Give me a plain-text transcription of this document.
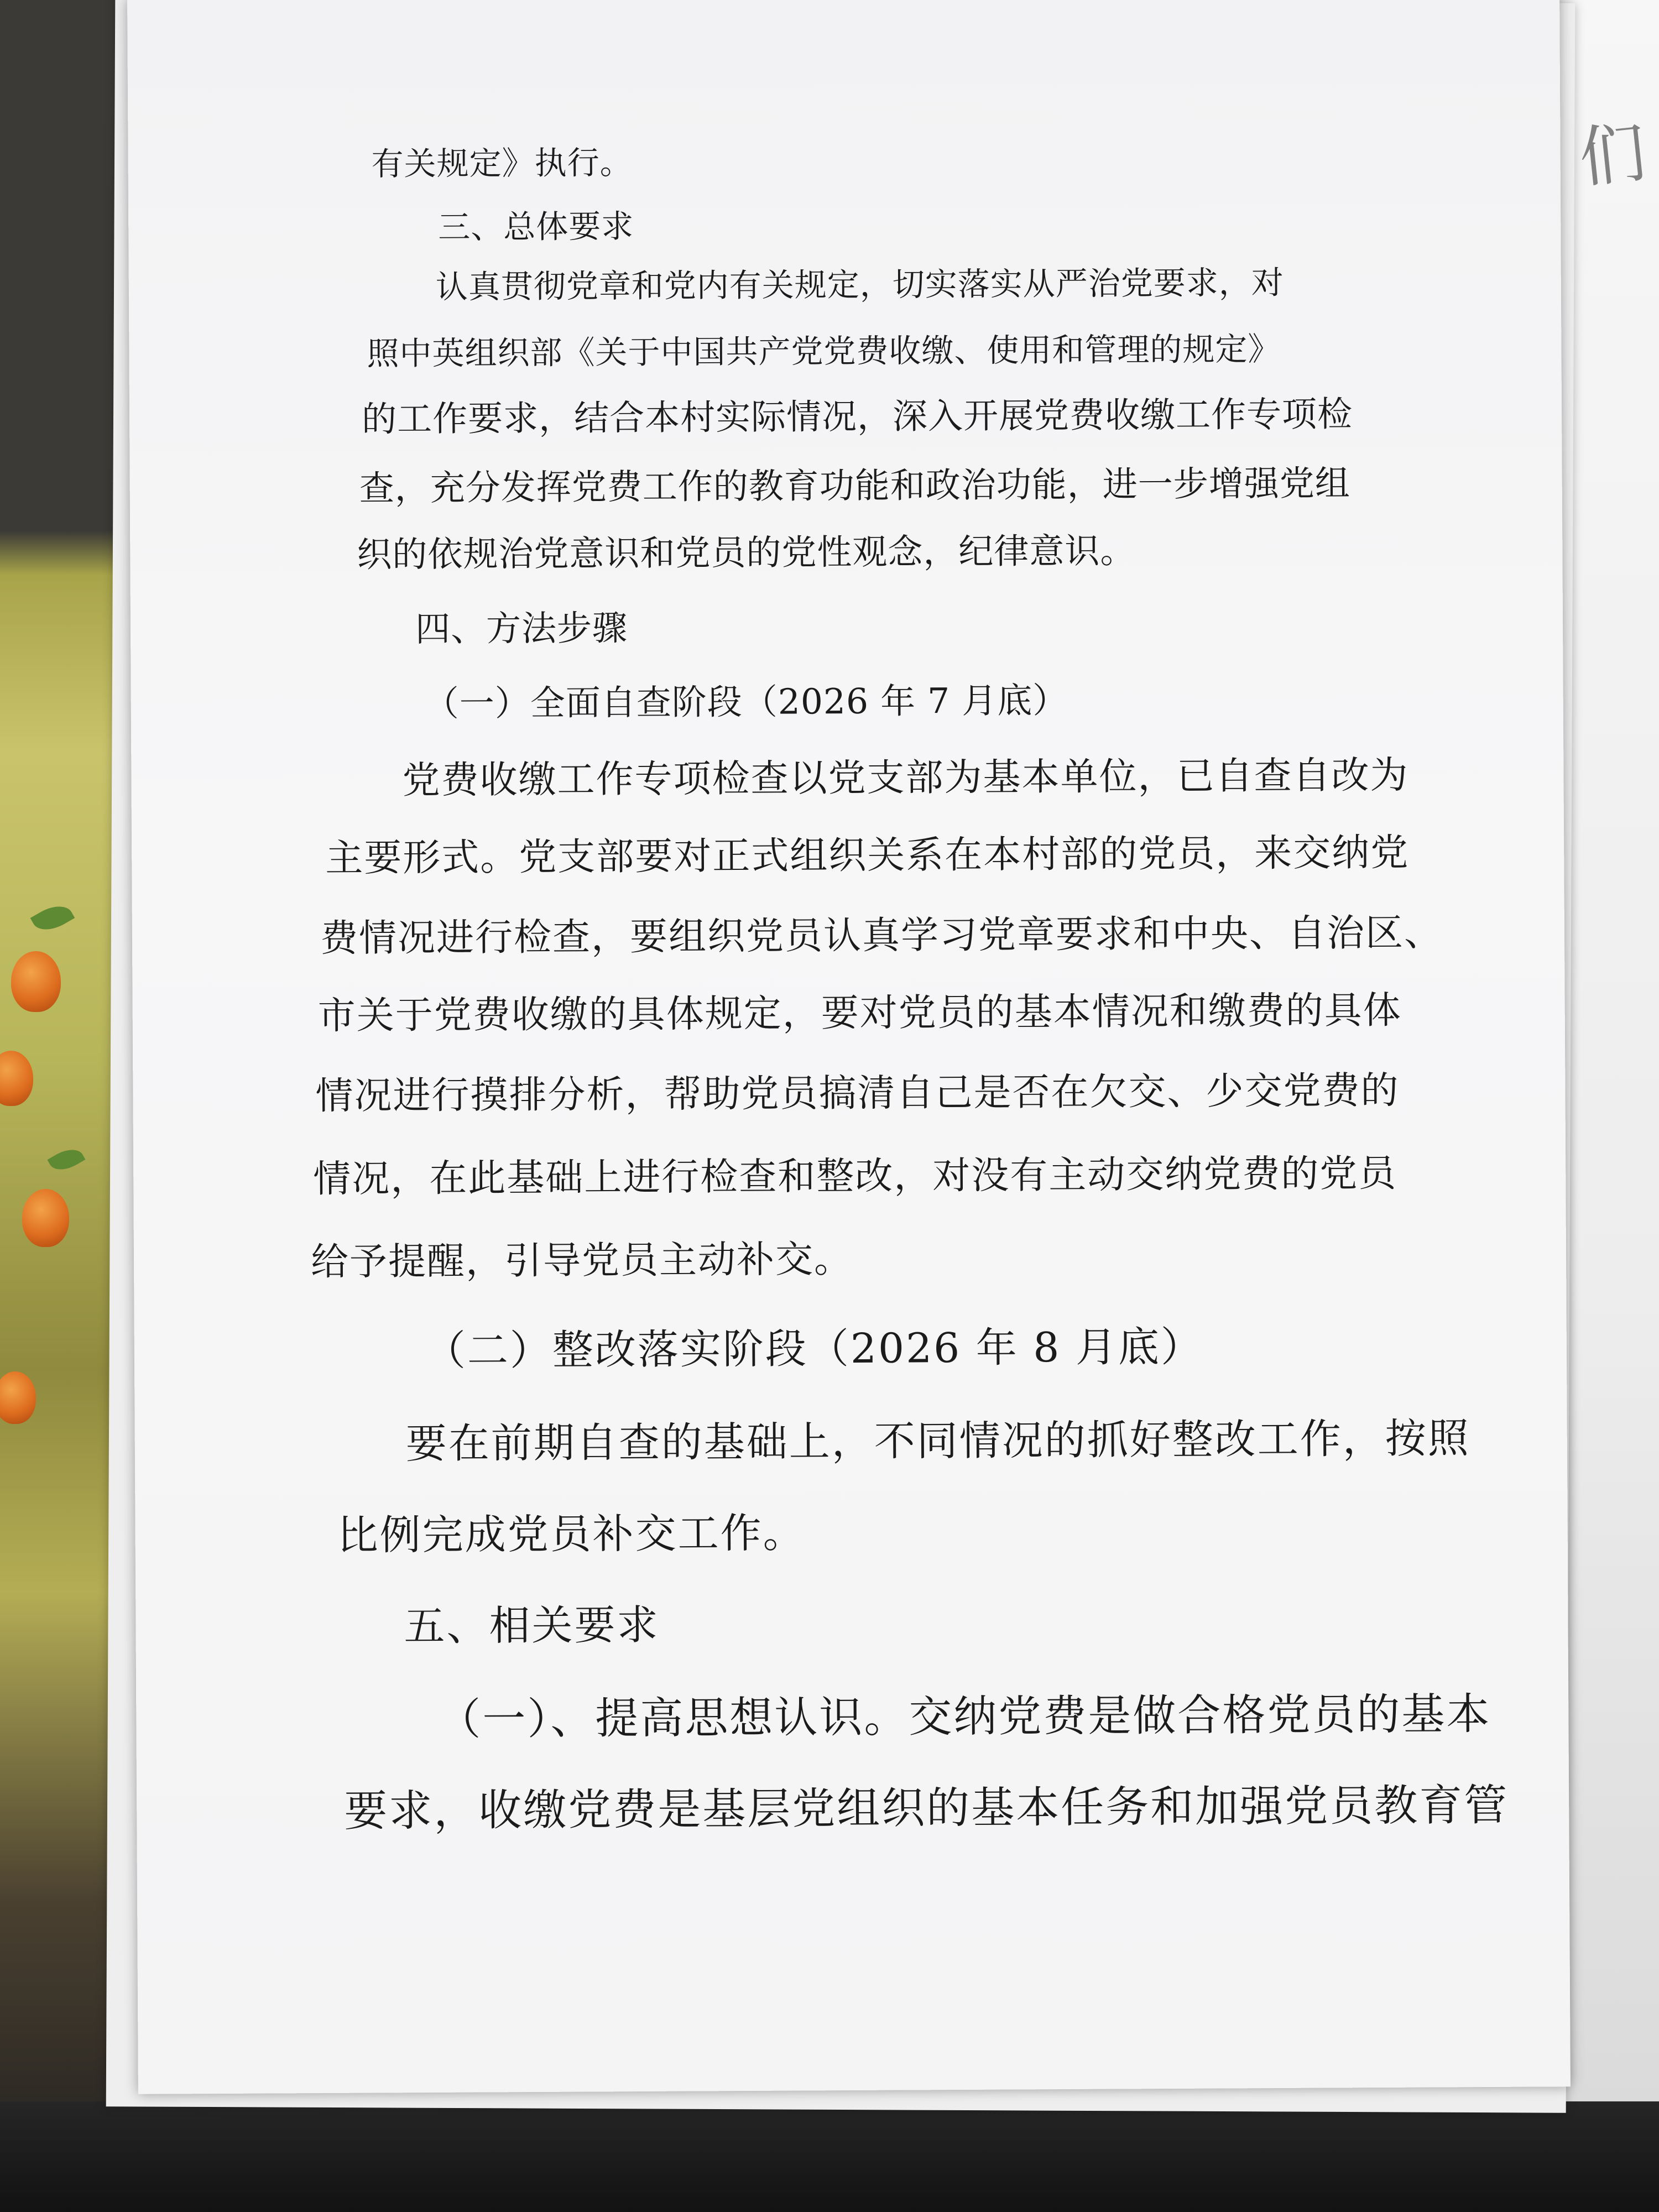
有关规定》执行。
三、总体要求
认真贯彻党章和党内有关规定，切实落实从严治党要求，对
照中英组织部《关于中国共产党党费收缴、使用和管理的规定》
的工作要求，结合本村实际情况，深入开展党费收缴工作专项检
查，充分发挥党费工作的教育功能和政治功能，进一步增强党组
织的依规治党意识和党员的党性观念，纪律意识。
四、方法步骤
（一）全面自查阶段（2026 年 7 月底）
党费收缴工作专项检查以党支部为基本单位，已自查自改为
主要形式。党支部要对正式组织关系在本村部的党员，来交纳党
费情况进行检查，要组织党员认真学习党章要求和中央、自治区、
市关于党费收缴的具体规定，要对党员的基本情况和缴费的具体
情况进行摸排分析，帮助党员搞清自己是否在欠交、少交党费的
情况，在此基础上进行检查和整改，对没有主动交纳党费的党员
给予提醒，引导党员主动补交。
（二）整改落实阶段（2026 年 8 月底）
要在前期自查的基础上，不同情况的抓好整改工作，按照
比例完成党员补交工作。
五、相关要求
（一）、提高思想认识。交纳党费是做合格党员的基本
要求，收缴党费是基层党组织的基本任务和加强党员教育管
们
